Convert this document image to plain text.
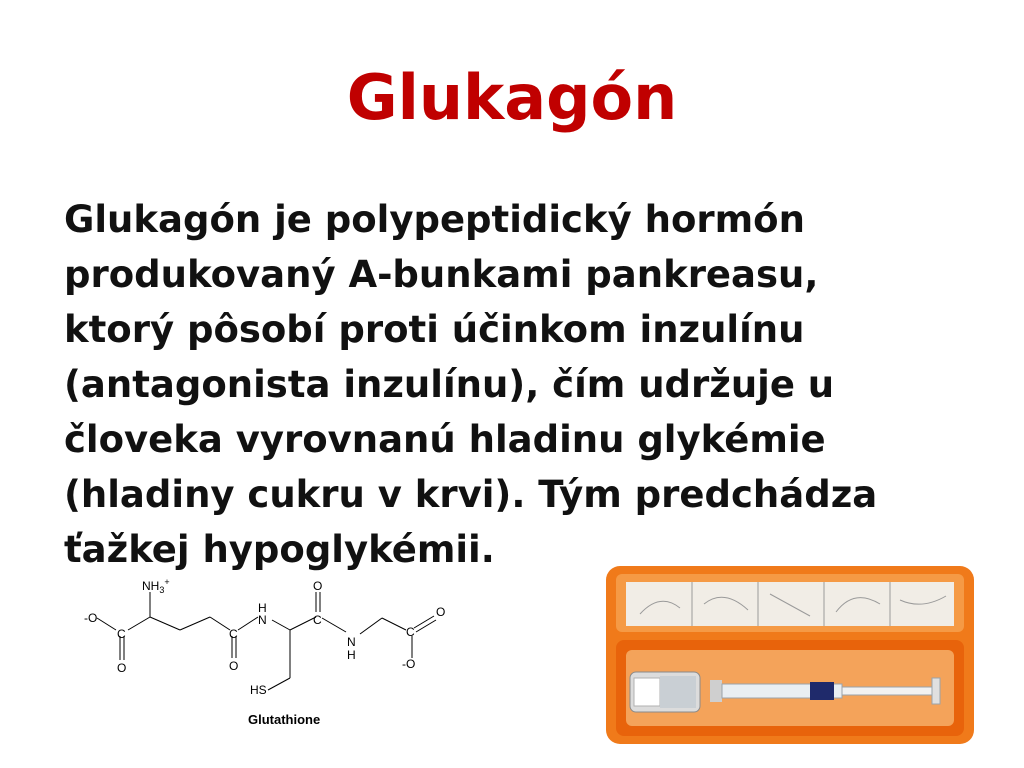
Glukagón
Glukagón je polypeptidický hormón
produkovaný A-bunkami pankreasu,
ktorý pôsobí proti účinkom inzulínu
(antagonista inzulínu), čím udržuje u
človeka vyrovnanú hladinu glykémie
(hladiny cukru v krvi). Tým predchádza
ťažkej hypoglykémii.
$NH_3^+$
-O
C
O
C
O
H
N
O
C
N
H
C
O
-O
HS
Glutathione
